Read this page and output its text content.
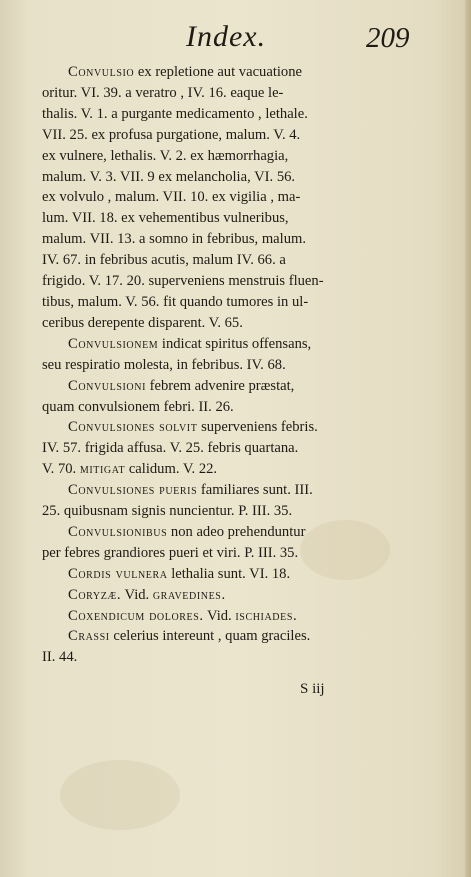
Index.	209
Convulsio ex repletione aut vacuatione
oritur. VI. 39. a veratro , IV. 16. eaque le-
thalis. V. 1. a purgante medicamento , lethale.
VII. 25. ex profusa purgatione, malum. V. 4.
ex vulnere, lethalis. V. 2. ex hæmorrhagia,
malum. V. 3. VII. 9 ex melancholia, VI. 56.
ex volvulo , malum. VII. 10. ex vigilia , ma-
lum. VII. 18. ex vehementibus vulneribus,
malum. VII. 13. a somno in febribus, malum.
IV. 67. in febribus acutis, malum IV. 66. a
frigido. V. 17. 20. superveniens menstruis fluen-
tibus, malum. V. 56. fit quando tumores in ul-
ceribus derepente disparent. V. 65.
Convulsionem indicat spiritus offensans,
seu respiratio molesta, in febribus. IV. 68.
Convulsioni febrem advenire præstat,
quam convulsionem febri. II. 26.
Convulsiones solvit superveniens febris.
IV. 57. frigida affusa. V. 25. febris quartana.
V. 70. mitigat calidum. V. 22.
Convulsiones pueris familiares sunt. III.
25. quibusnam signis nuncientur. P. III. 35.
Convulsionibus non adeo prehenduntur
per febres grandiores pueri et viri. P. III. 35.
Cordis vulnera lethalia sunt. VI. 18.
Coryzæ. Vid. gravedines.
Coxendicum dolores. Vid. ischiades.
Crassi celerius intereunt , quam graciles.
II. 44.
S iij
